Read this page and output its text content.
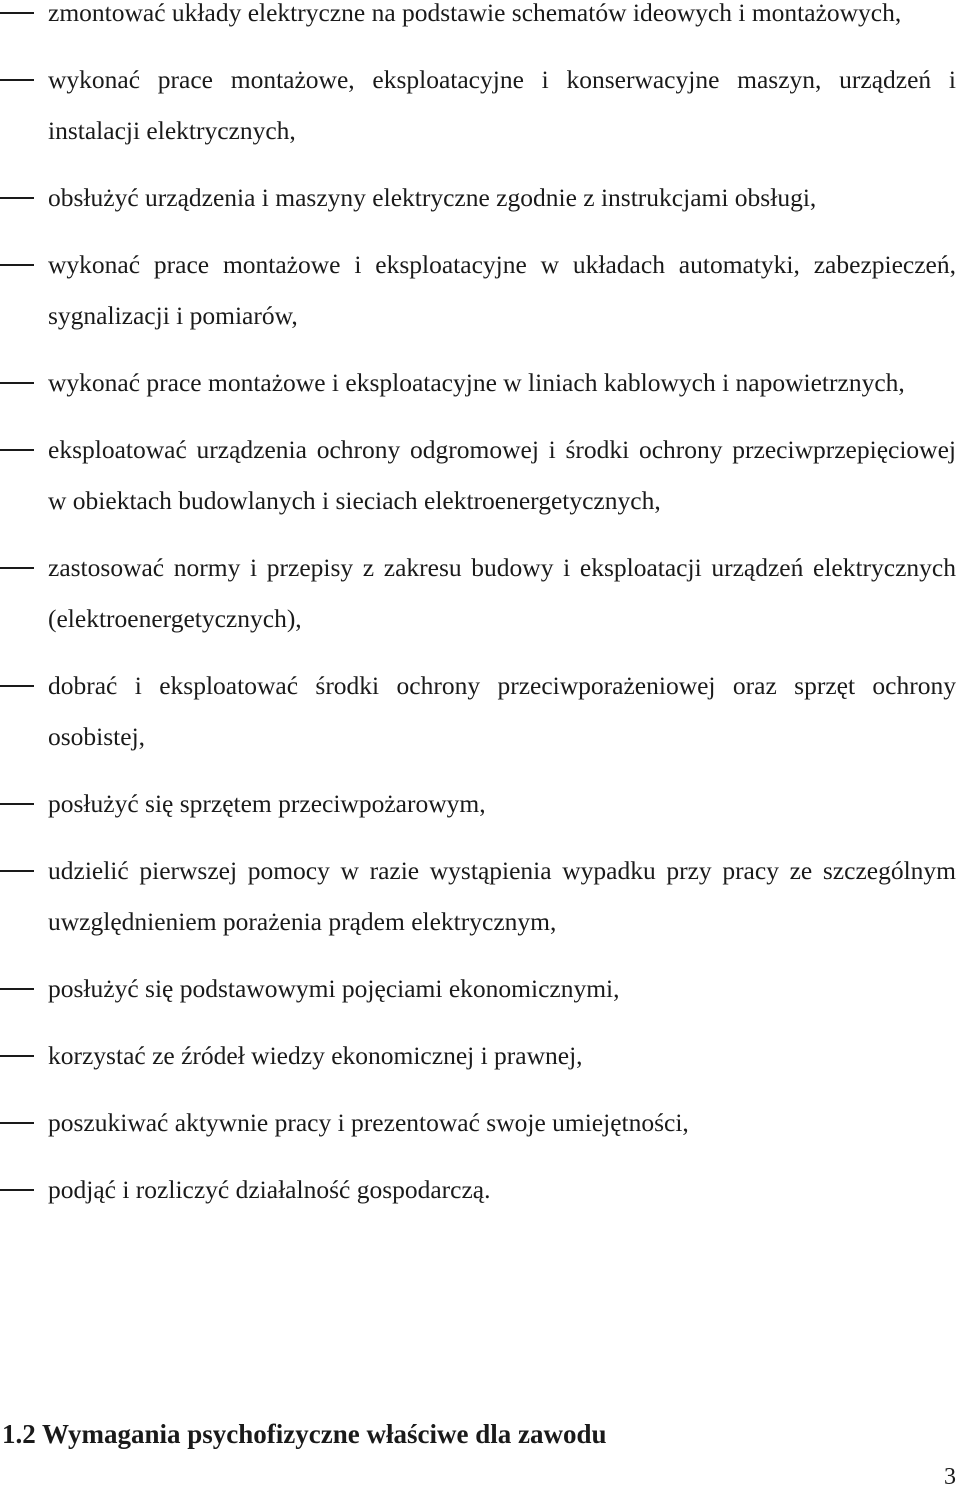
zmontować układy elektryczne na podstawie schematów ideowych i montażowych,
wykonać prace montażowe, eksploatacyjne i konserwacyjne maszyn, urządzeń i instalacji elektrycznych,
obsłużyć urządzenia i maszyny elektryczne zgodnie z instrukcjami obsługi,
wykonać prace montażowe i eksploatacyjne w układach automatyki, zabezpieczeń, sygnalizacji i pomiarów,
wykonać prace montażowe i eksploatacyjne w liniach kablowych i napowietrznych,
eksploatować urządzenia ochrony odgromowej i środki ochrony przeciwprzepięciowej w obiektach budowlanych i sieciach elektroenergetycznych,
zastosować normy i przepisy z zakresu budowy i eksploatacji urządzeń elektrycznych (elektroenergetycznych),
dobrać i eksploatować środki ochrony przeciwporażeniowej oraz sprzęt ochrony osobistej,
posłużyć się sprzętem przeciwpożarowym,
udzielić pierwszej pomocy w razie wystąpienia wypadku przy pracy ze szczególnym uwzględnieniem porażenia prądem elektrycznym,
posłużyć się podstawowymi pojęciami ekonomicznymi,
korzystać ze źródeł wiedzy ekonomicznej i prawnej,
poszukiwać aktywnie pracy i prezentować swoje umiejętności,
podjąć i rozliczyć działalność gospodarczą.
1.2 Wymagania psychofizyczne właściwe dla zawodu
3
